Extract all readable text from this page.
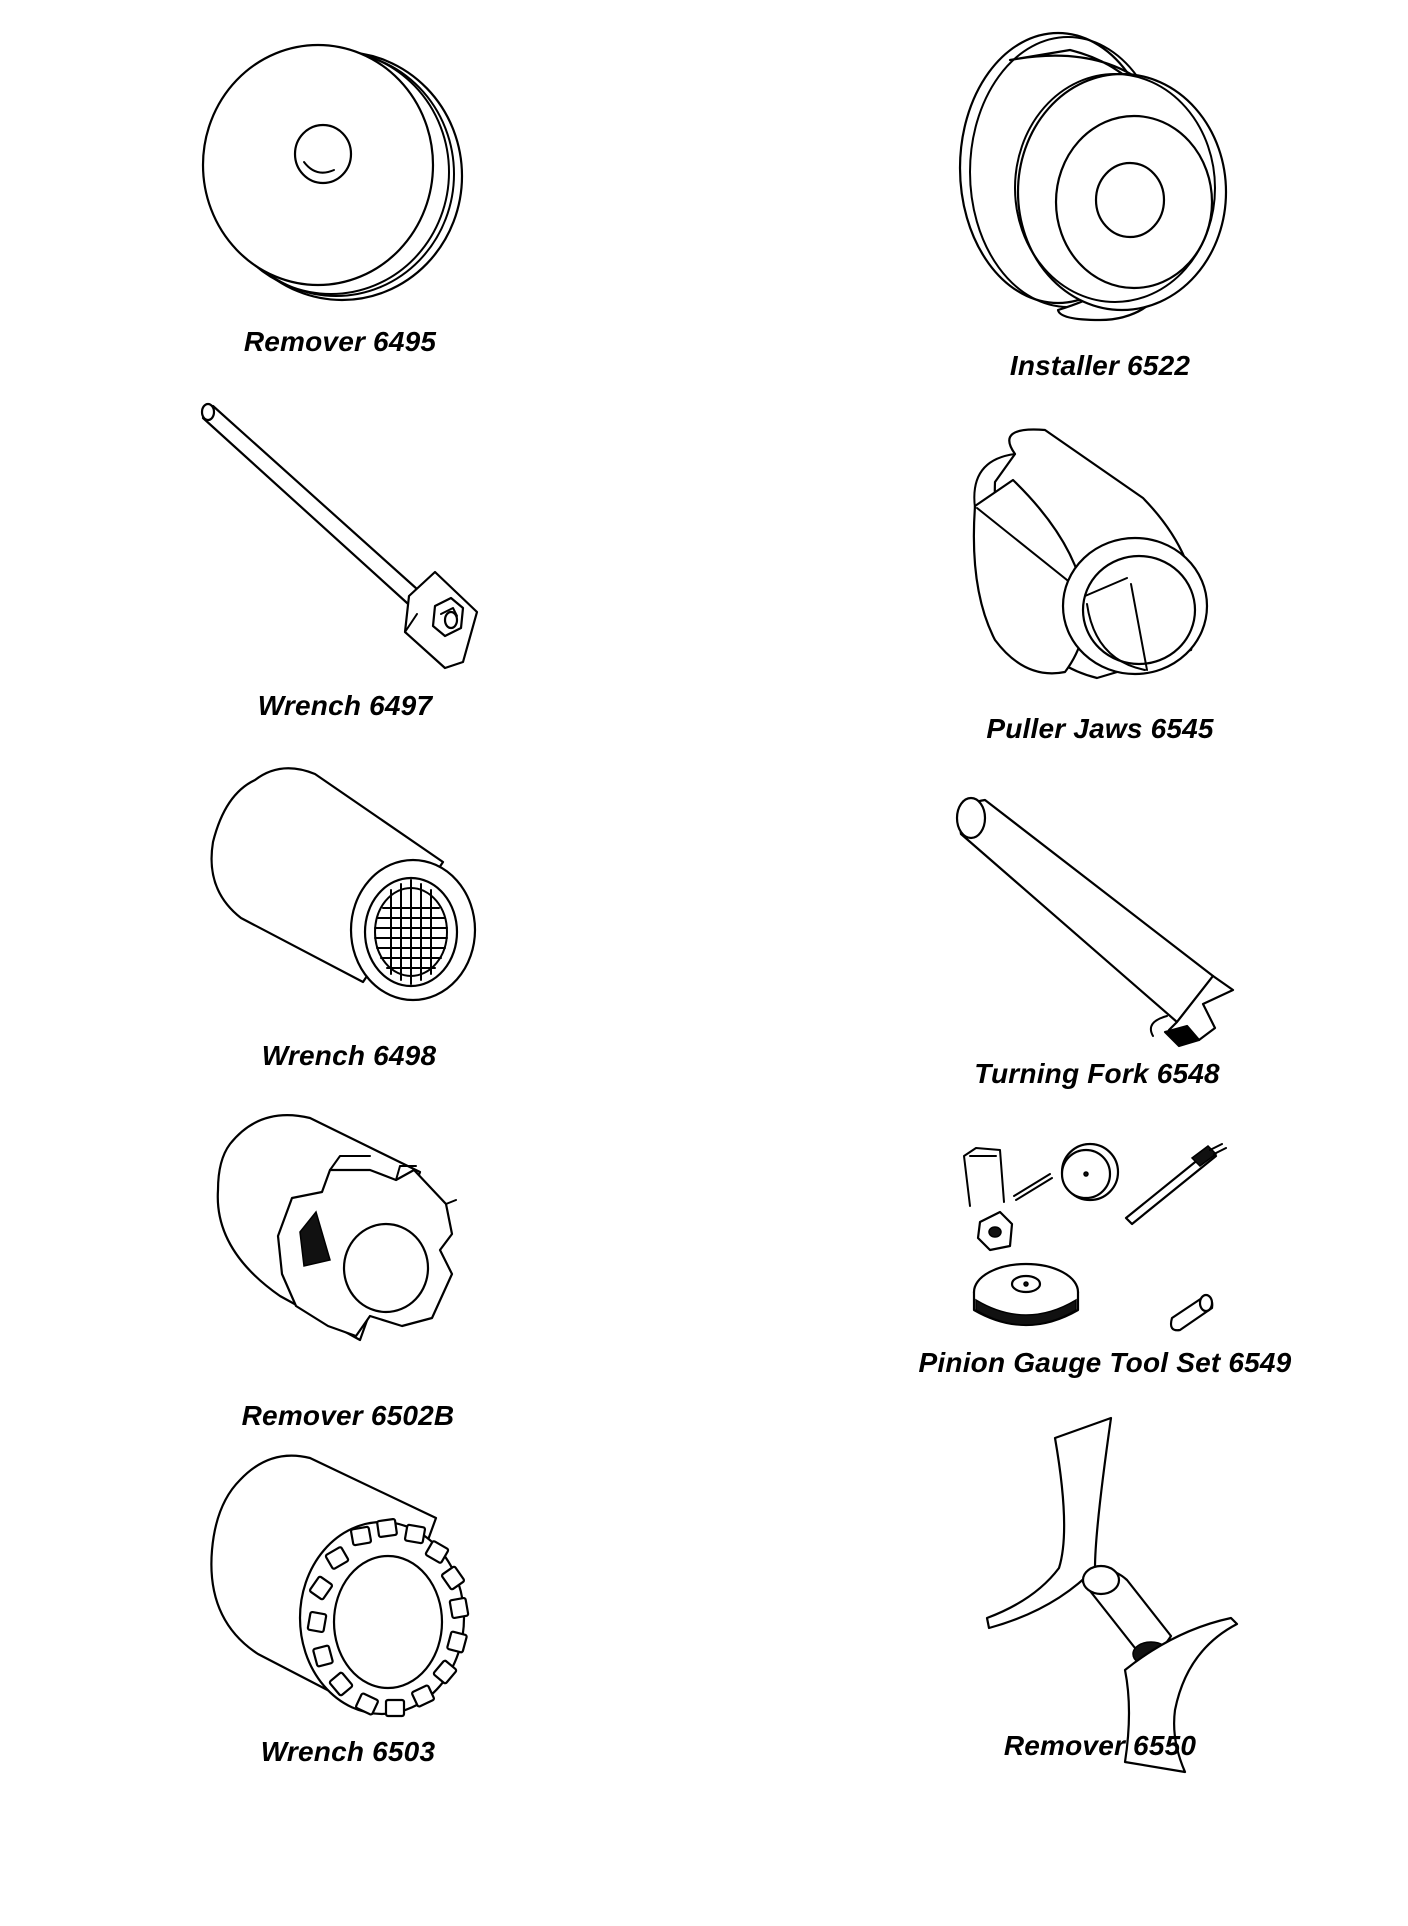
Remover 6495
Installer 6522
Wrench 6497
Puller Jaws 6545
Wrench 6498
Turning Fork 6548
Remover 6502B
Pinion Gauge Tool Set 6549
Wrench 6503	Remover 6550
